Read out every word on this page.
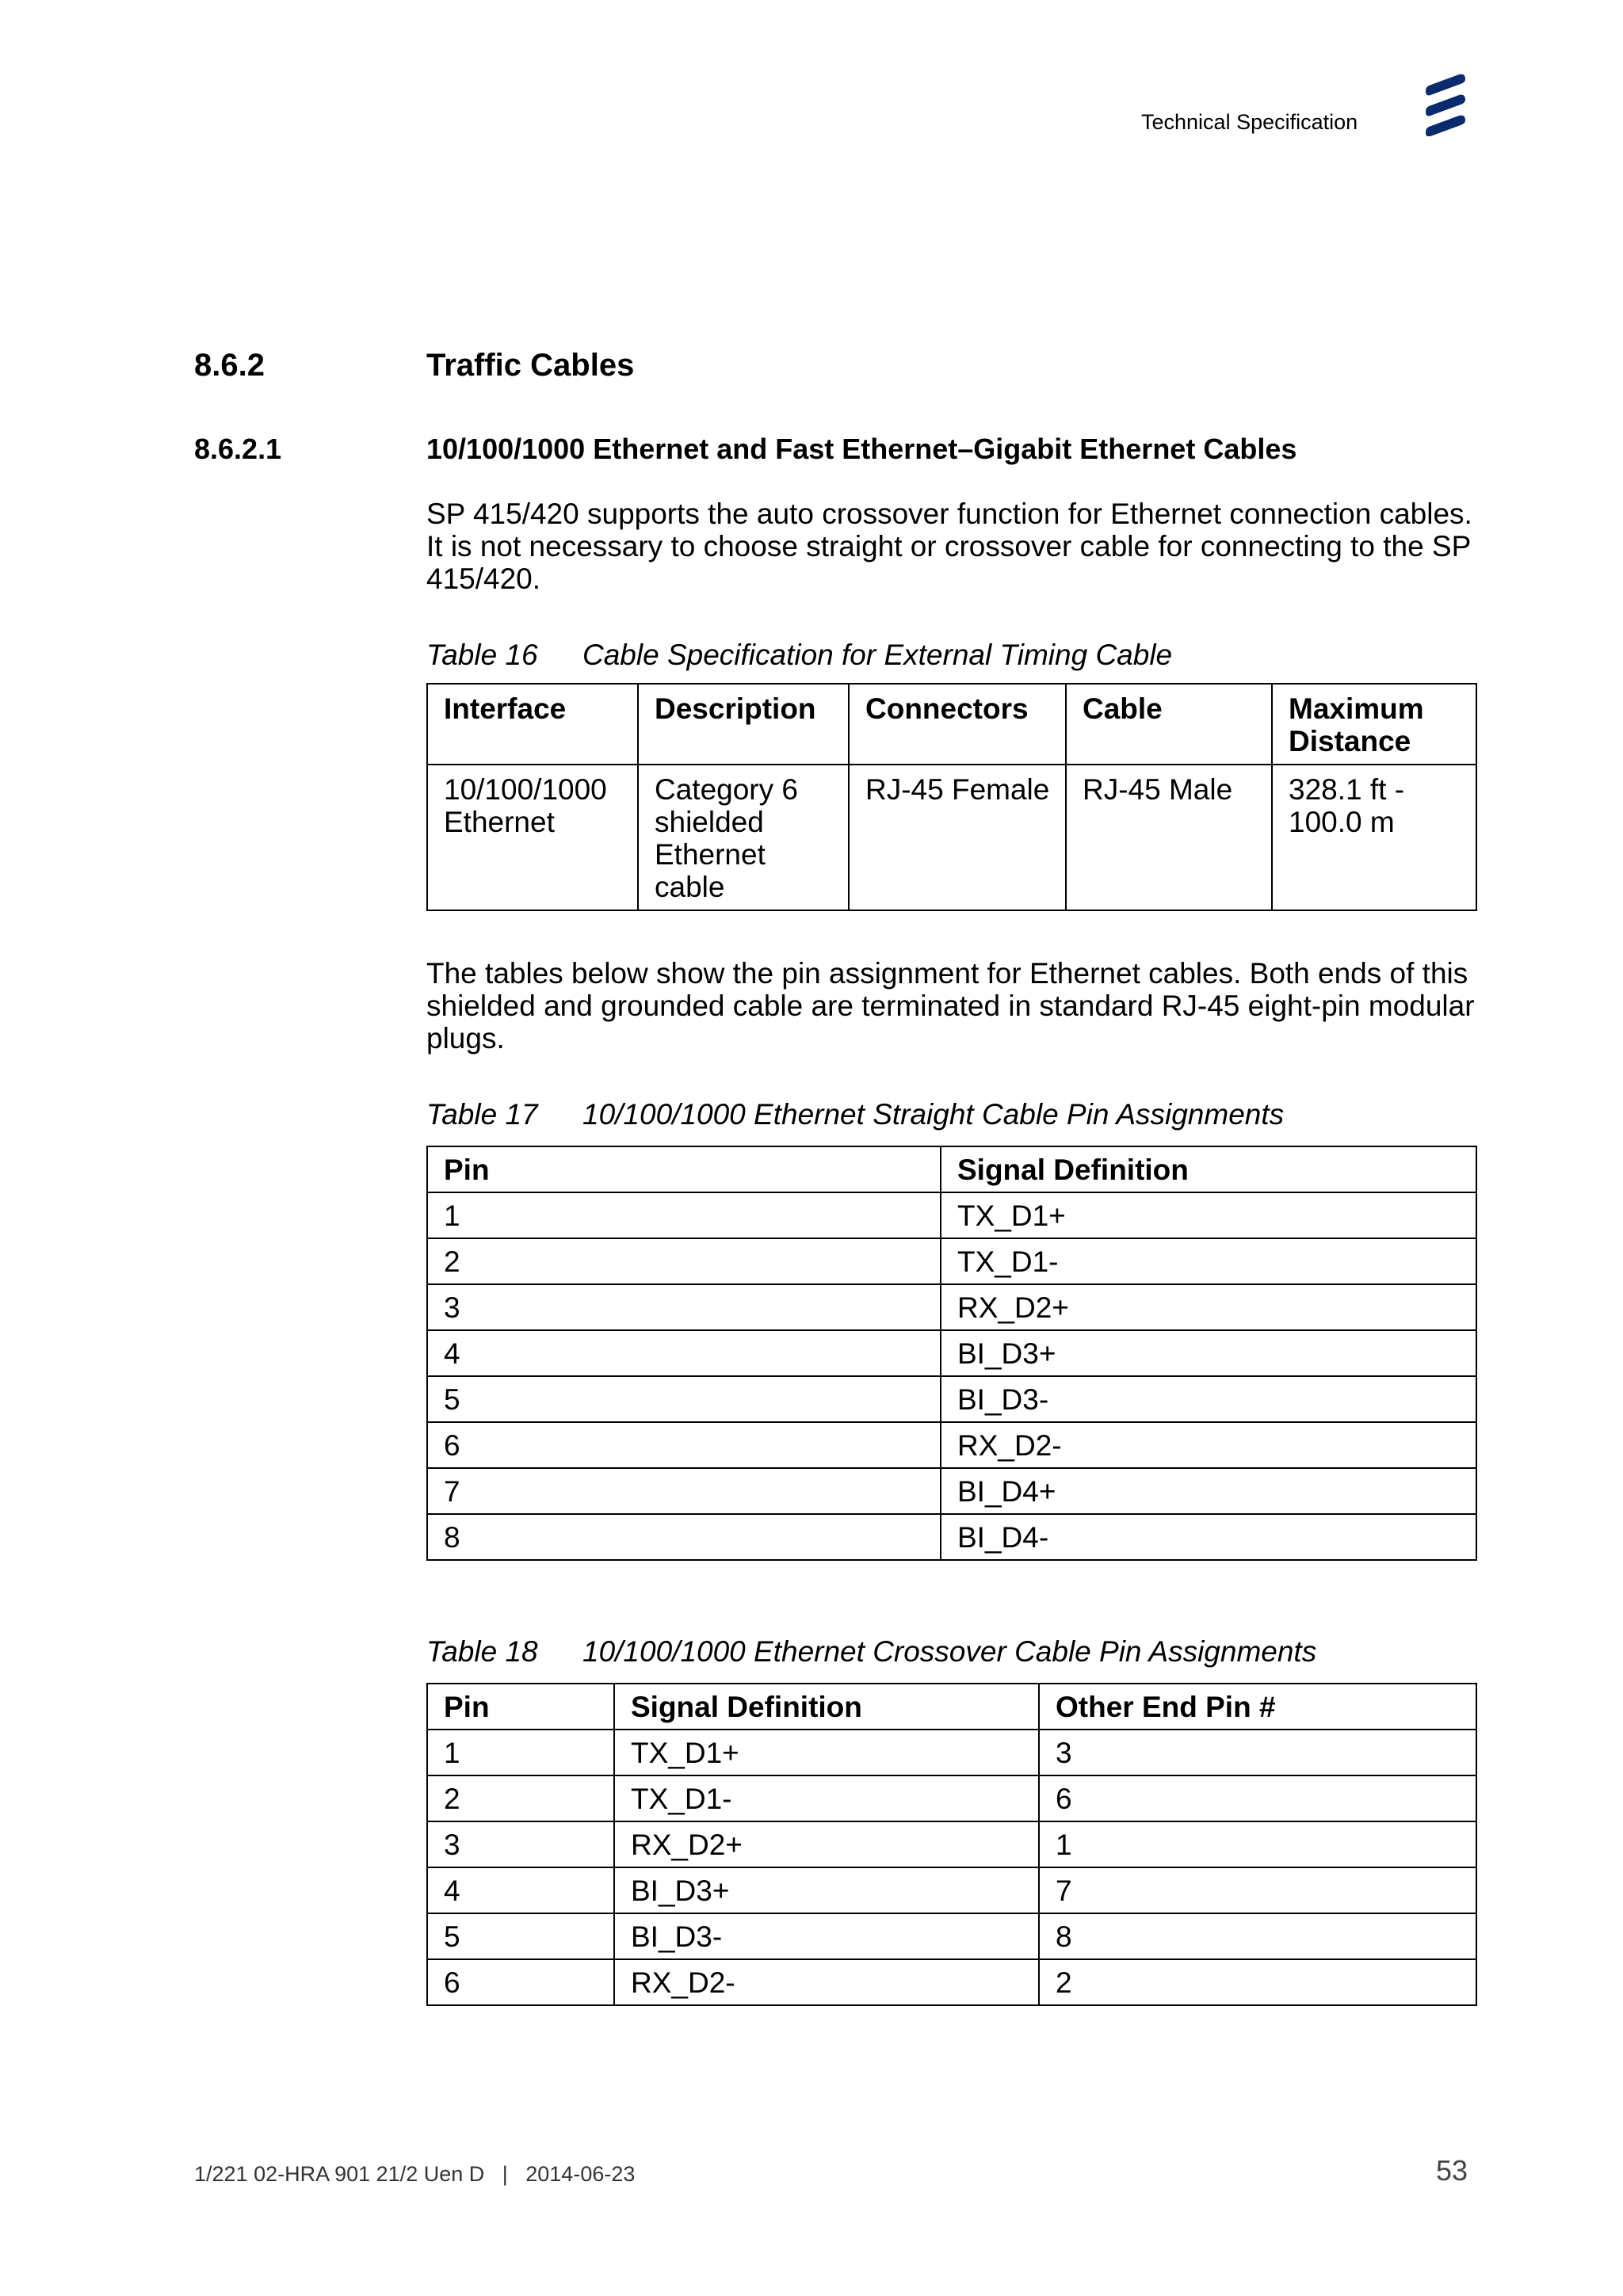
Technical Specification
8.6.2	Traffic Cables
8.6.2.1	10/100/1000 Ethernet and Fast Ethernet–Gigabit Ethernet Cables
SP 415/420 supports the auto crossover function for Ethernet connection cables. It is not necessary to choose straight or crossover cable for connecting to the SP 415/420.
Table 16 Cable Specification for External Timing Cable
Interface	Description	Connectors	Cable	Maximum Distance
10/100/1000 Ethernet	Category 6 shielded Ethernet cable	RJ-45 Female	RJ-45 Male	328.1 ft - 100.0 m
The tables below show the pin assignment for Ethernet cables. Both ends of this shielded and grounded cable are terminated in standard RJ-45 eight-pin modular plugs.
Table 17 10/100/1000 Ethernet Straight Cable Pin Assignments
Pin	Signal Definition
1	TX_D1+
2	TX_D1-
3	RX_D2+
4	BI_D3+
5	BI_D3-
6	RX_D2-
7	BI_D4+
8	BI_D4-
Table 18 10/100/1000 Ethernet Crossover Cable Pin Assignments
Pin	Signal Definition	Other End Pin #
1	TX_D1+	3
2	TX_D1-	6
3	RX_D2+	1
4	BI_D3+	7
5	BI_D3-	8
6	RX_D2-	2
1/221 02-HRA 901 21/2 Uen D   |   2014-06-23	53
